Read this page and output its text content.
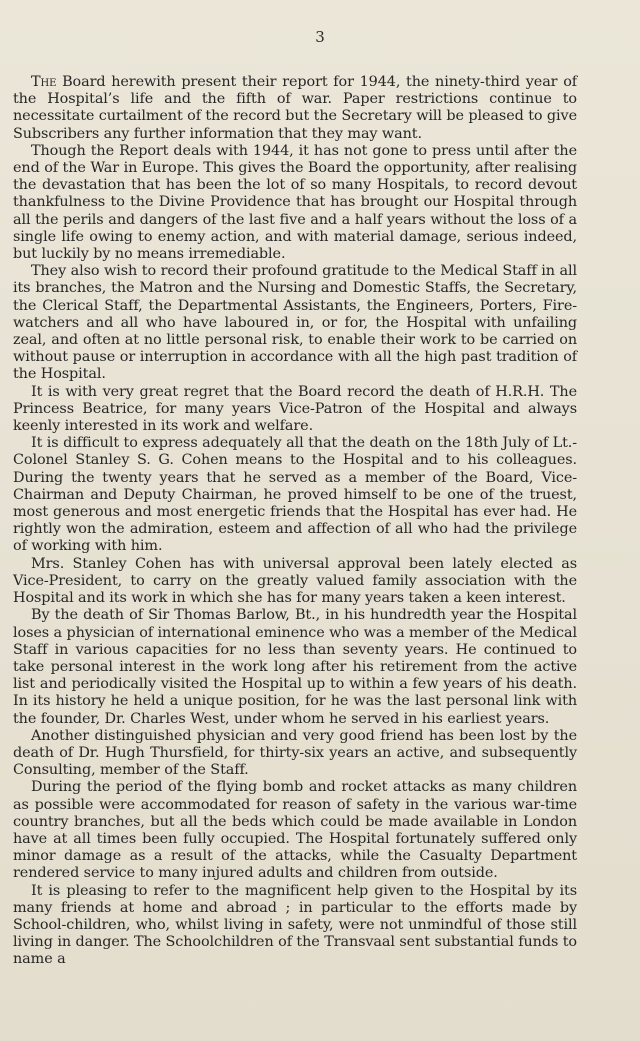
3

The Board herewith present their report for 1944, the ninety-third year of the Hospital’s life and the fifth of war. Paper restrictions continue to necessitate curtailment of the record but the Secretary will be pleased to give Subscribers any further information that they may want.

Though the Report deals with 1944, it has not gone to press until after the end of the War in Europe. This gives the Board the opportunity, after realising the devastation that has been the lot of so many Hospitals, to record devout thankfulness to the Divine Providence that has brought our Hospital through all the perils and dangers of the last five and a half years without the loss of a single life owing to enemy action, and with material damage, serious indeed, but luckily by no means irremediable.

They also wish to record their profound gratitude to the Medical Staff in all its branches, the Matron and the Nursing and Domestic Staffs, the Secretary, the Clerical Staff, the Departmental Assistants, the Engineers, Porters, Fire-watchers and all who have laboured in, or for, the Hospital with unfailing zeal, and often at no little personal risk, to enable their work to be carried on without pause or interruption in accordance with all the high past tradition of the Hospital.

It is with very great regret that the Board record the death of H.R.H. The Princess Beatrice, for many years Vice-Patron of the Hospital and always keenly interested in its work and welfare.

It is difficult to express adequately all that the death on the 18th July of Lt.-Colonel Stanley S. G. Cohen means to the Hospital and to his colleagues. During the twenty years that he served as a member of the Board, Vice-Chairman and Deputy Chairman, he proved himself to be one of the truest, most generous and most energetic friends that the Hospital has ever had. He rightly won the admiration, esteem and affection of all who had the privilege of working with him.

Mrs. Stanley Cohen has with universal approval been lately elected as Vice-President, to carry on the greatly valued family association with the Hospital and its work in which she has for many years taken a keen interest.

By the death of Sir Thomas Barlow, Bt., in his hundredth year the Hospital loses a physician of international eminence who was a member of the Medical Staff in various capacities for no less than seventy years. He continued to take personal interest in the work long after his retirement from the active list and periodically visited the Hospital up to within a few years of his death. In its history he held a unique position, for he was the last personal link with the founder, Dr. Charles West, under whom he served in his earliest years.

Another distinguished physician and very good friend has been lost by the death of Dr. Hugh Thursfield, for thirty-six years an active, and subsequently Consulting, member of the Staff.

During the period of the flying bomb and rocket attacks as many children as possible were accommodated for reason of safety in the various war-time country branches, but all the beds which could be made available in London have at all times been fully occupied. The Hospital fortunately suffered only minor damage as a result of the attacks, while the Casualty Department rendered service to many injured adults and children from outside.

It is pleasing to refer to the magnificent help given to the Hospital by its many friends at home and abroad ; in particular to the efforts made by School-children, who, whilst living in safety, were not unmindful of those still living in danger. The Schoolchildren of the Transvaal sent substantial funds to name a
